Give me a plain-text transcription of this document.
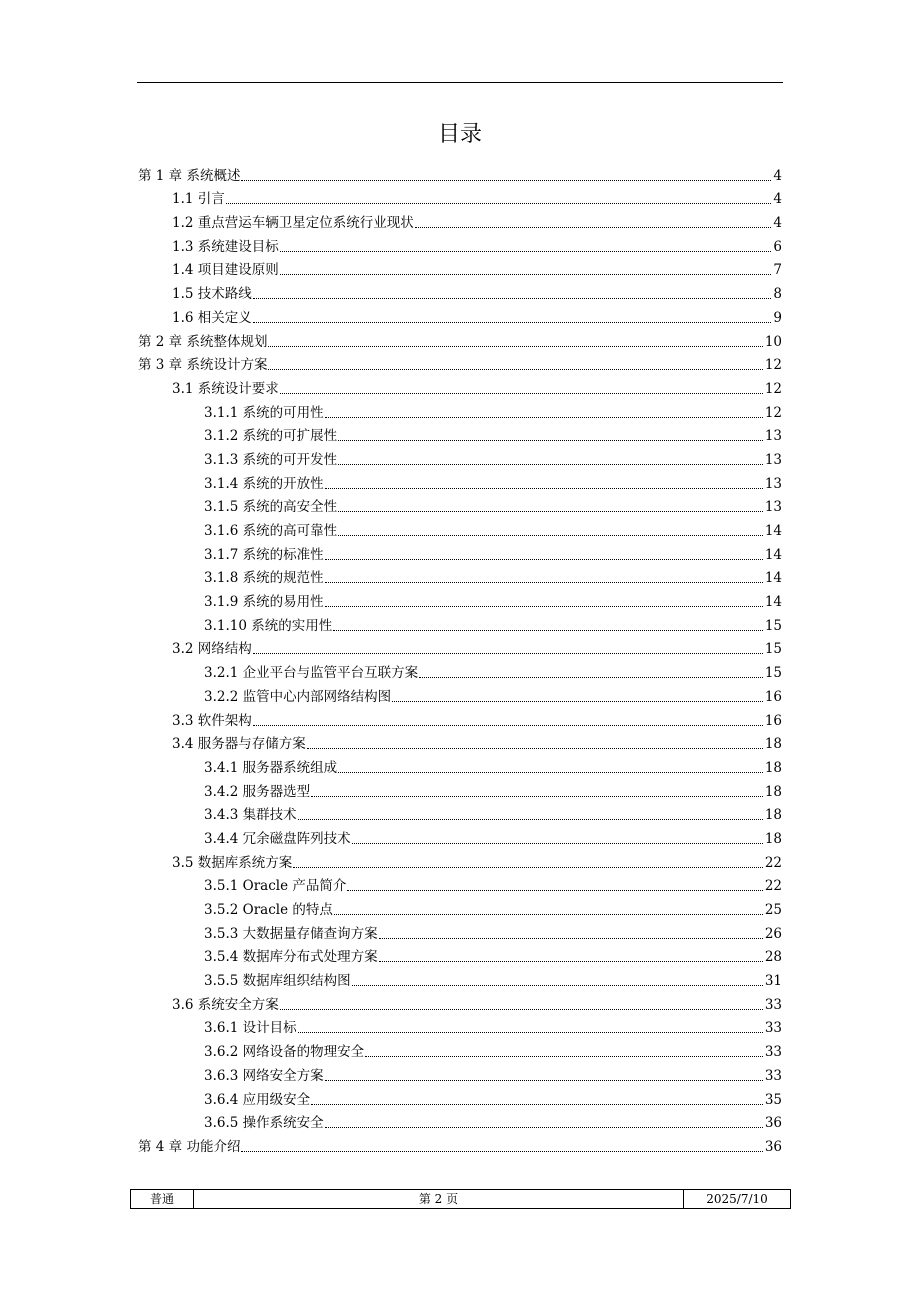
目录
第 1 章 系统概述	4
1.1 引言	4
1.2 重点营运车辆卫星定位系统行业现状	4
1.3 系统建设目标	6
1.4 项目建设原则	7
1.5 技术路线	8
1.6 相关定义	9
第 2 章 系统整体规划	10
第 3 章 系统设计方案	12
3.1 系统设计要求	12
3.1.1 系统的可用性	12
3.1.2 系统的可扩展性	13
3.1.3 系统的可开发性	13
3.1.4 系统的开放性	13
3.1.5 系统的高安全性	13
3.1.6 系统的高可靠性	14
3.1.7 系统的标准性	14
3.1.8 系统的规范性	14
3.1.9 系统的易用性	14
3.1.10 系统的实用性	15
3.2 网络结构	15
3.2.1 企业平台与监管平台互联方案	15
3.2.2 监管中心内部网络结构图	16
3.3 软件架构	16
3.4 服务器与存储方案	18
3.4.1 服务器系统组成	18
3.4.2 服务器选型	18
3.4.3 集群技术	18
3.4.4 冗余磁盘阵列技术	18
3.5 数据库系统方案	22
3.5.1 Oracle 产品简介	22
3.5.2 Oracle 的特点	25
3.5.3 大数据量存储查询方案	26
3.5.4 数据库分布式处理方案	28
3.5.5 数据库组织结构图	31
3.6 系统安全方案	33
3.6.1 设计目标	33
3.6.2 网络设备的物理安全	33
3.6.3 网络安全方案	33
3.6.4 应用级安全	35
3.6.5 操作系统安全	36
第 4 章 功能介绍	36
普通	第 2 页	2025/7/10
